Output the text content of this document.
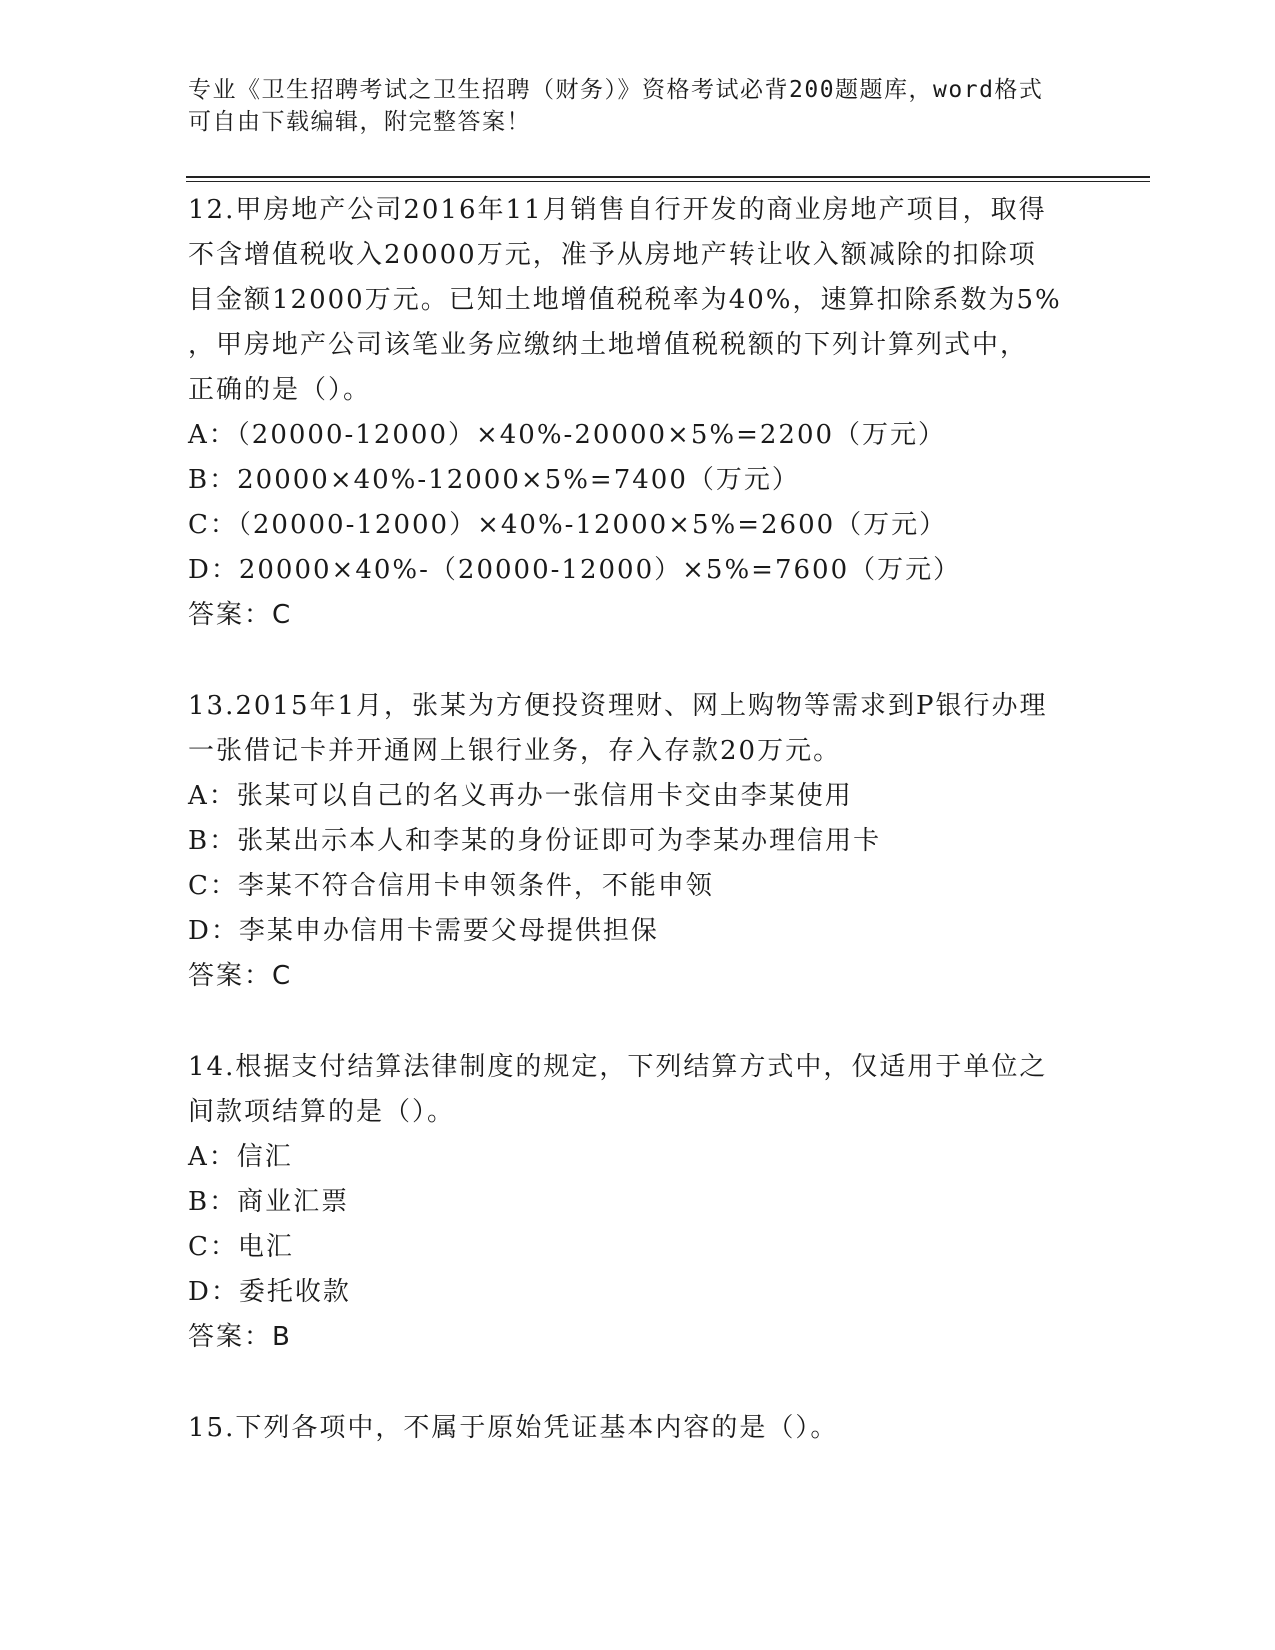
专业《卫生招聘考试之卫生招聘（财务）》资格考试必背200题题库，word格式
可自由下载编辑，附完整答案！
12.甲房地产公司2016年11月销售自行开发的商业房地产项目，取得
不含增值税收入20000万元，准予从房地产转让收入额减除的扣除项
目金额12000万元。已知土地增值税税率为40%，速算扣除系数为5%
，甲房地产公司该笔业务应缴纳土地增值税税额的下列计算列式中，
正确的是（）。
A：（20000-12000）×40%-20000×5%=2200（万元）
B：20000×40%-12000×5%=7400（万元）
C：（20000-12000）×40%-12000×5%=2600（万元）
D：20000×40%-（20000-12000）×5%=7600（万元）
答案：C
13.2015年1月，张某为方便投资理财、网上购物等需求到P银行办理
一张借记卡并开通网上银行业务，存入存款20万元。
A：张某可以自己的名义再办一张信用卡交由李某使用
B：张某出示本人和李某的身份证即可为李某办理信用卡
C：李某不符合信用卡申领条件，不能申领
D：李某申办信用卡需要父母提供担保
答案：C
14.根据支付结算法律制度的规定，下列结算方式中，仅适用于单位之
间款项结算的是（）。
A：信汇
B：商业汇票
C：电汇
D：委托收款
答案：B
15.下列各项中，不属于原始凭证基本内容的是（）。
